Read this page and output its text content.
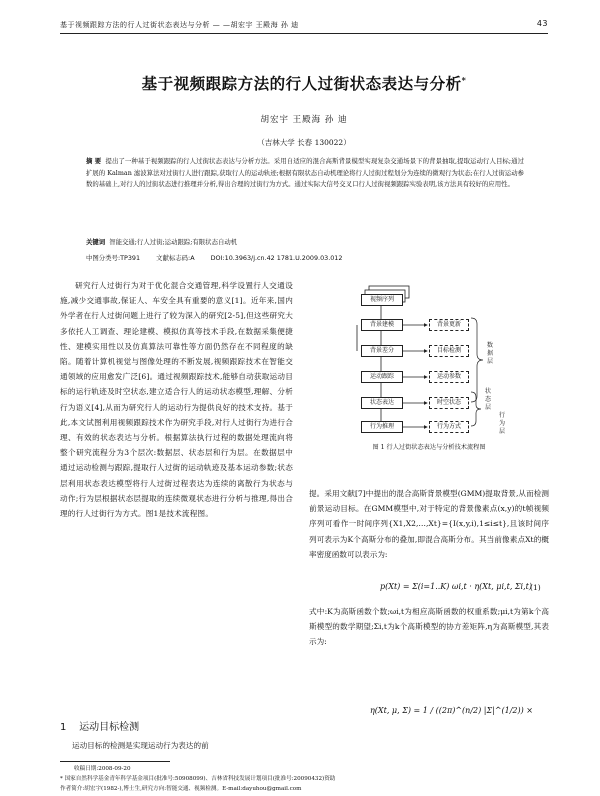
基于视频跟踪方法的行人过街状态表达与分析 — —胡宏宇 王殿海 孙 迪	43
基于视频跟踪方法的行人过街状态表达与分析*
胡宏宇 王殿海 孙 迪
（吉林大学 长春 130022）
摘 要 提出了一种基于视频跟踪的行人过街状态表达与分析方法。采用自适应的混合高斯背景模型实现复杂交通场景下的背景抽取,提取运动行人目标;通过扩展的 Kalman 滤波算法对过街行人进行跟踪,获取行人的运动轨迹;根据有限状态自动机理论将行人过街过程划分为连续的微观行为状态;在行人过街运动参数的基础上,对行人的过街状态进行推理并分析,得出合理的过街行为方式。通过实际大信号交叉口行人过街视频跟踪实验表明,该方法具有较好的应用性。
关键词 智能交通;行人过街;运动跟踪;有限状态自动机
中图分类号:TP391	文献标志码:A	DOI:10.3963/j.cn.42 1781.U.2009.03.012

研究行人过街行为对于优化混合交通管理,科学设置行人交通设施,减少交通事故,保证人、车安全具有重要的意义[1]。近年来,国内外学者在行人过街问题上进行了较为深入的研究[2-5],但这些研究大多依托人工调查、理论建模、模拟仿真等技术手段,在数据采集便捷性、建模实用性以及仿真算法可靠性等方面仍然存在不同程度的缺陷。随着计算机视觉与图像处理的不断发展,视频跟踪技术在智能交通领域的应用愈发广泛[6]。通过视频跟踪技术,能够自动获取运动目标的运行轨迹及时空状态,建立适合行人的运动状态模型,理解、分析行为语义[4],从而为研究行人的运动行为提供良好的技术支持。基于此,本文试图利用视频跟踪技术作为研究手段,对行人过街行为进行合理、有效的状态表达与分析。根据算法执行过程的数据处理流向将整个研究流程分为3个层次:数据层、状态层和行为层。在数据层中通过运动检测与跟踪,提取行人过街的运动轨迹及基本运动参数;状态层利用状态表达模型将行人过街过程表达为连续的离散行为状态与动作;行为层根据状态层提取的连续微观状态进行分析与推理,得出合理的行人过街行为方式。图1是技术流程图。

1 运动目标检测
运动目标的检测是实现运动行为表达的前
收稿日期:2008-09-20
* 国家自然科学基金青年科学基金项目(批准号:50908099)、吉林省科技发展计划项目(批准号:20090432)资助
作者简介:胡宏宇(1982-),博士生,研究方向:智能交通、视频检测。E-mail:dayuhou@gmail.com
视频序列
背景建模
背景差分
运动跟踪
状态表达
行为推理
背景更新
目标检测
运动参数
时空状态
行为方式
数据层
状态层
行为层
图 1 行人过街状态表达与分析技术流程图

提。采用文献[7]中提出的混合高斯背景模型(GMM)提取背景,从而检测前景运动目标。在GMM模型中,对于特定的背景像素点(x,y)的t帧视频序列可看作一时间序列{X1,X2,…,Xt}={I(x,y,i),1≤i≤t},且该时间序列可表示为K个高斯分布的叠加,即混合高斯分布。其当前像素点Xt的概率密度函数可以表示为:

p(Xt) = Σ(i=1..K) ωi,t · η(Xt, μi,t, Σi,t)
(1)

式中:K为高斯函数个数;ωi,t为相应高斯函数的权重系数;μi,t为第k个高斯模型的数学期望;Σi,t为k个高斯模型的协方差矩阵,η为高斯模型,其表示为:

η(Xt, μ, Σ) = 1 / ((2π)^(n/2) |Σ|^(1/2)) ×
